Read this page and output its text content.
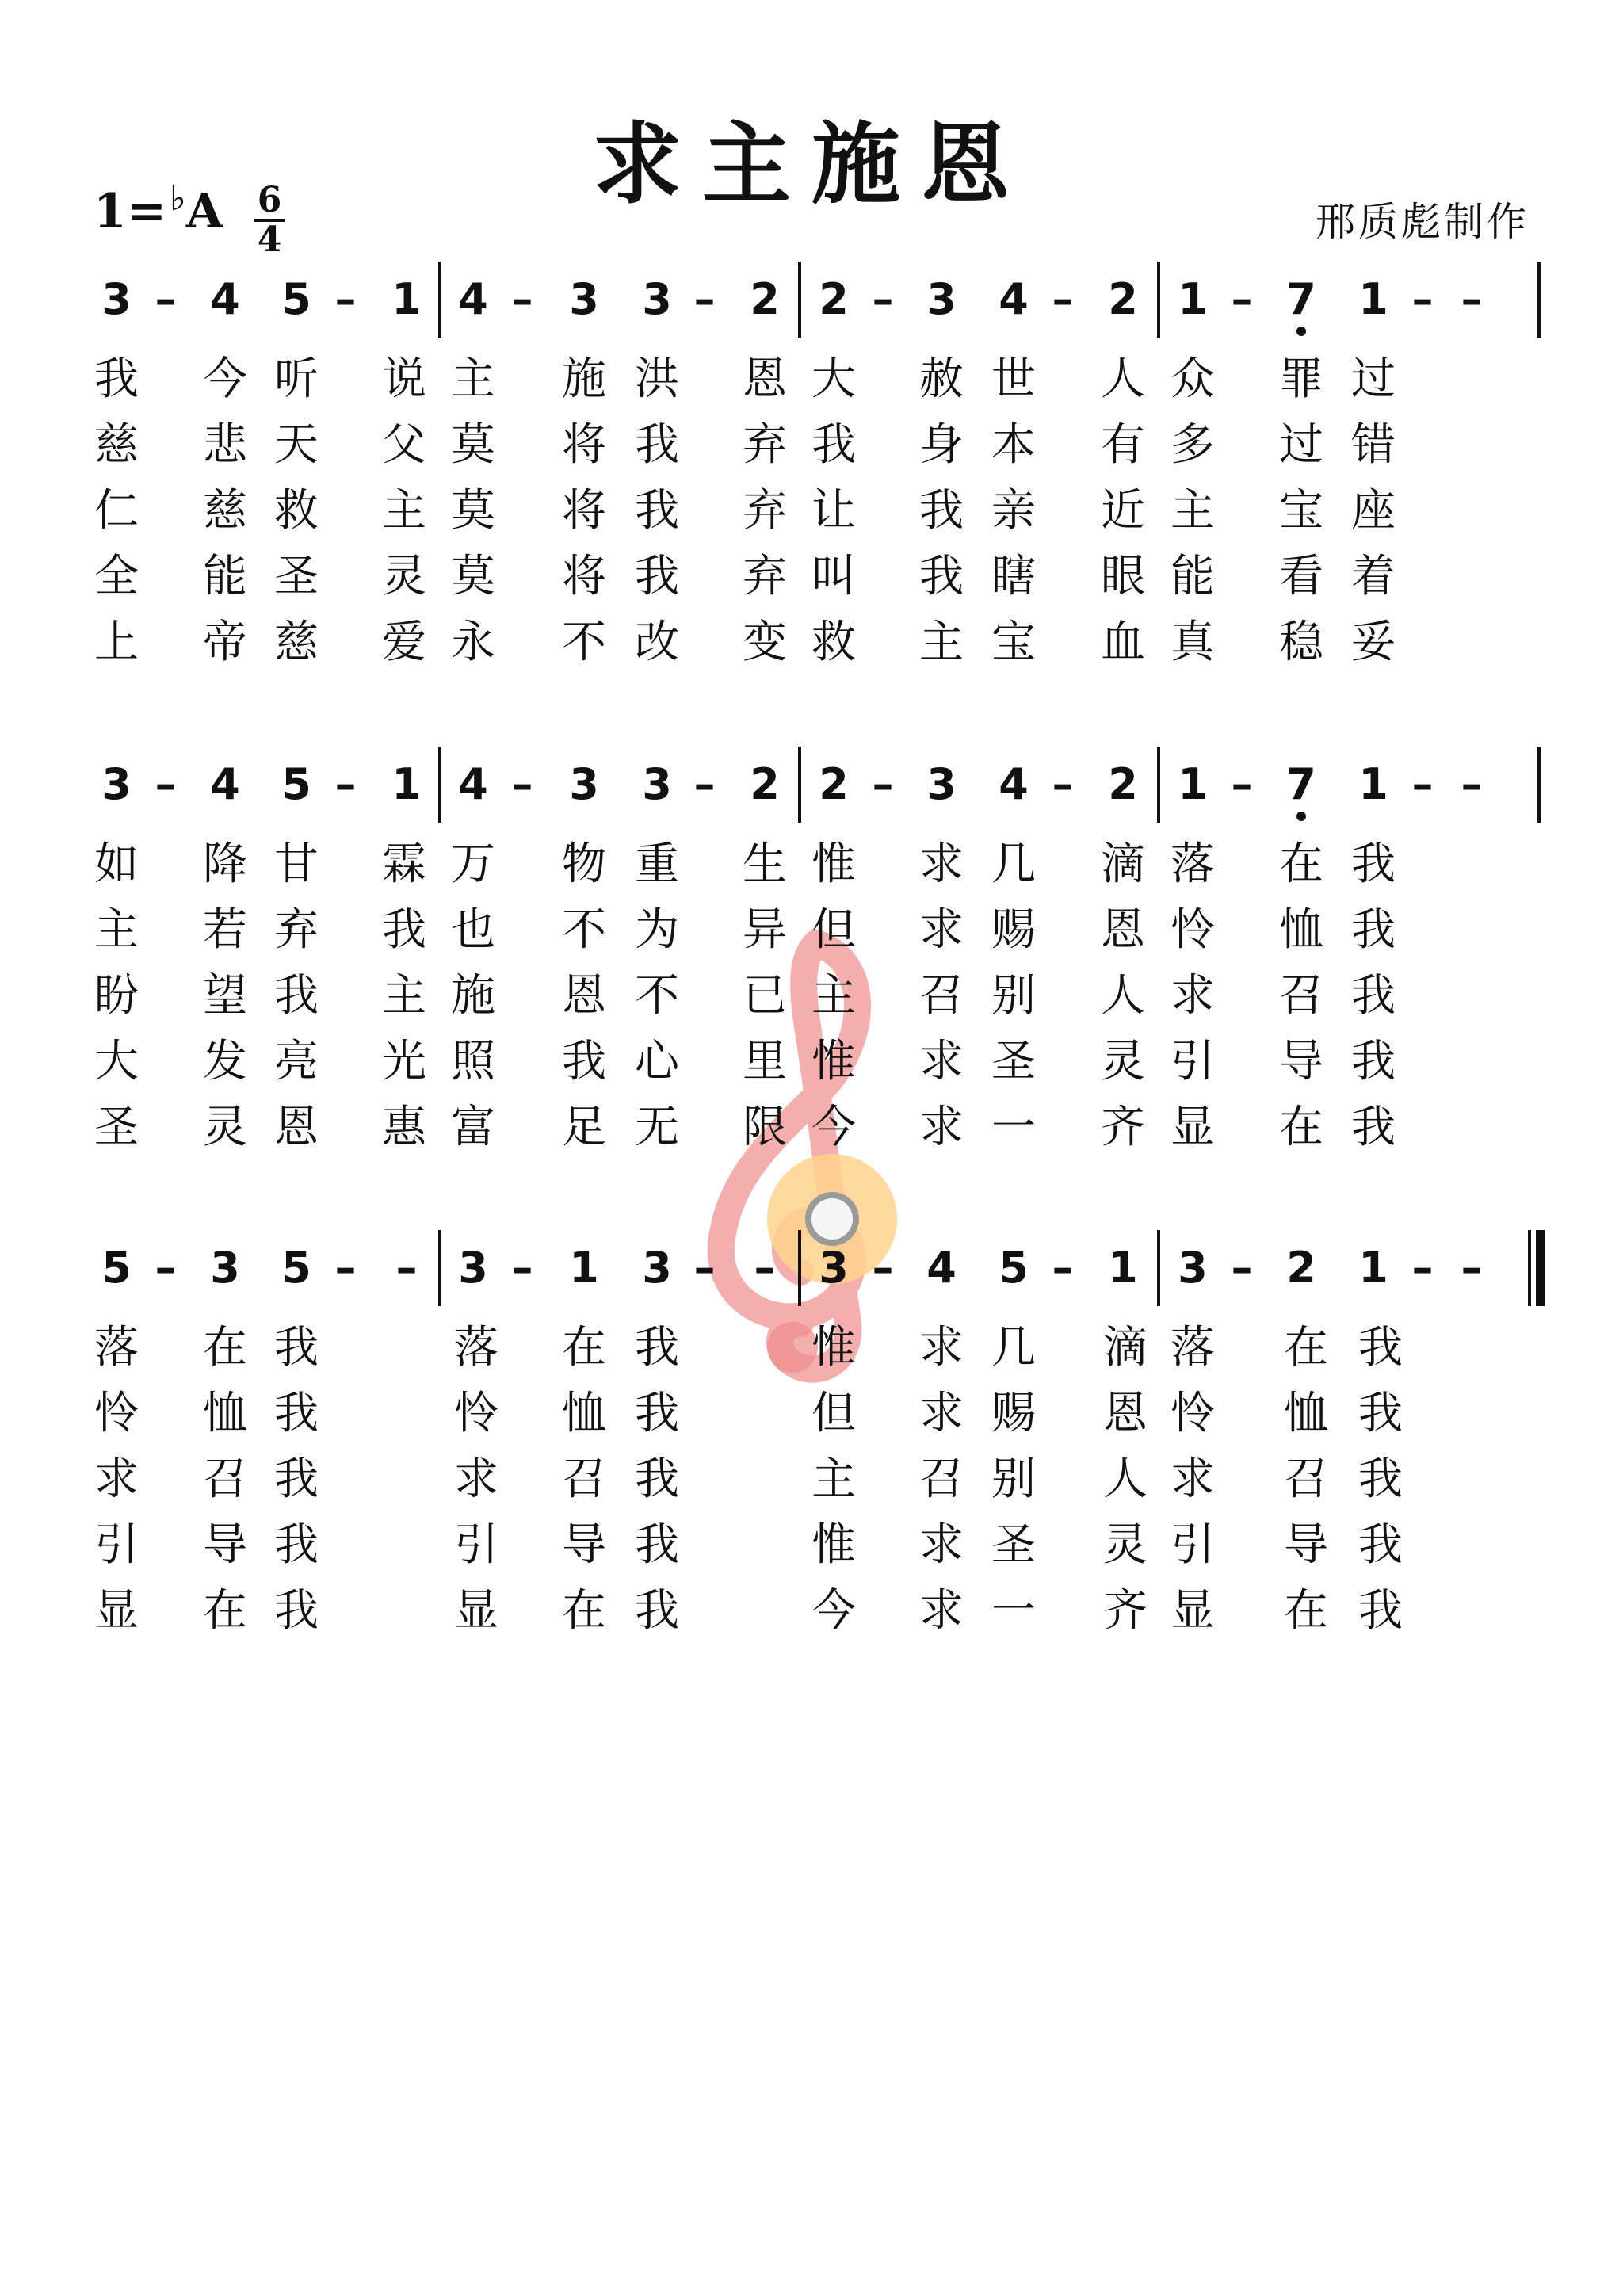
求主施恩
1=♭A 6
4	邢质彪制作
3 – 4 5 – 1 4 – 3 3 – 2 2 – 3 4 – 2 1 – 7 1 – –
我 今 听 说 主 施 洪 恩 大 赦 世 人 众 罪 过
慈 悲 天 父 莫 将 我 弃 我 身 本 有 多 过 错
仁 慈 救 主 莫 将 我 弃 让 我 亲 近 主 宝 座
全 能 圣 灵 莫 将 我 弃 叫 我 瞎 眼 能 看 着
上 帝 慈 爱 永 不 改 变 救 主 宝 血 真 稳 妥
3 – 4 5 – 1 4 – 3 3 – 2 2 – 3 4 – 2 1 – 7 1 – –
如 降 甘 霖 万 物 重 生 惟 求 几 滴 落 在 我
主 若 弃 我 也 不 为 异 但 求 赐 恩 怜 恤 我
盼 望 我 主 施 恩 不 已 主 召 别 人 求 召 我
大 发 亮 光 照 我 心 里 惟 求 圣 灵 引 导 我
圣 灵 恩 惠 富 足 无 限 今 求 一 齐 显 在 我
5 – 3 5 – – 3 – 1 3 – –	3 – 4 5 – 1 3 – 2 1 – –
落 在 我	落 在 我	惟 求 几 滴 落 在 我
怜 恤 我	怜 恤 我	但 求 赐 恩 怜 恤 我
求 召 我	求 召 我	主 召 别 人 求 召 我
引 导 我	引 导 我	惟 求 圣 灵 引 导 我
显 在 我	显 在 我	今 求 一 齐 显 在 我
